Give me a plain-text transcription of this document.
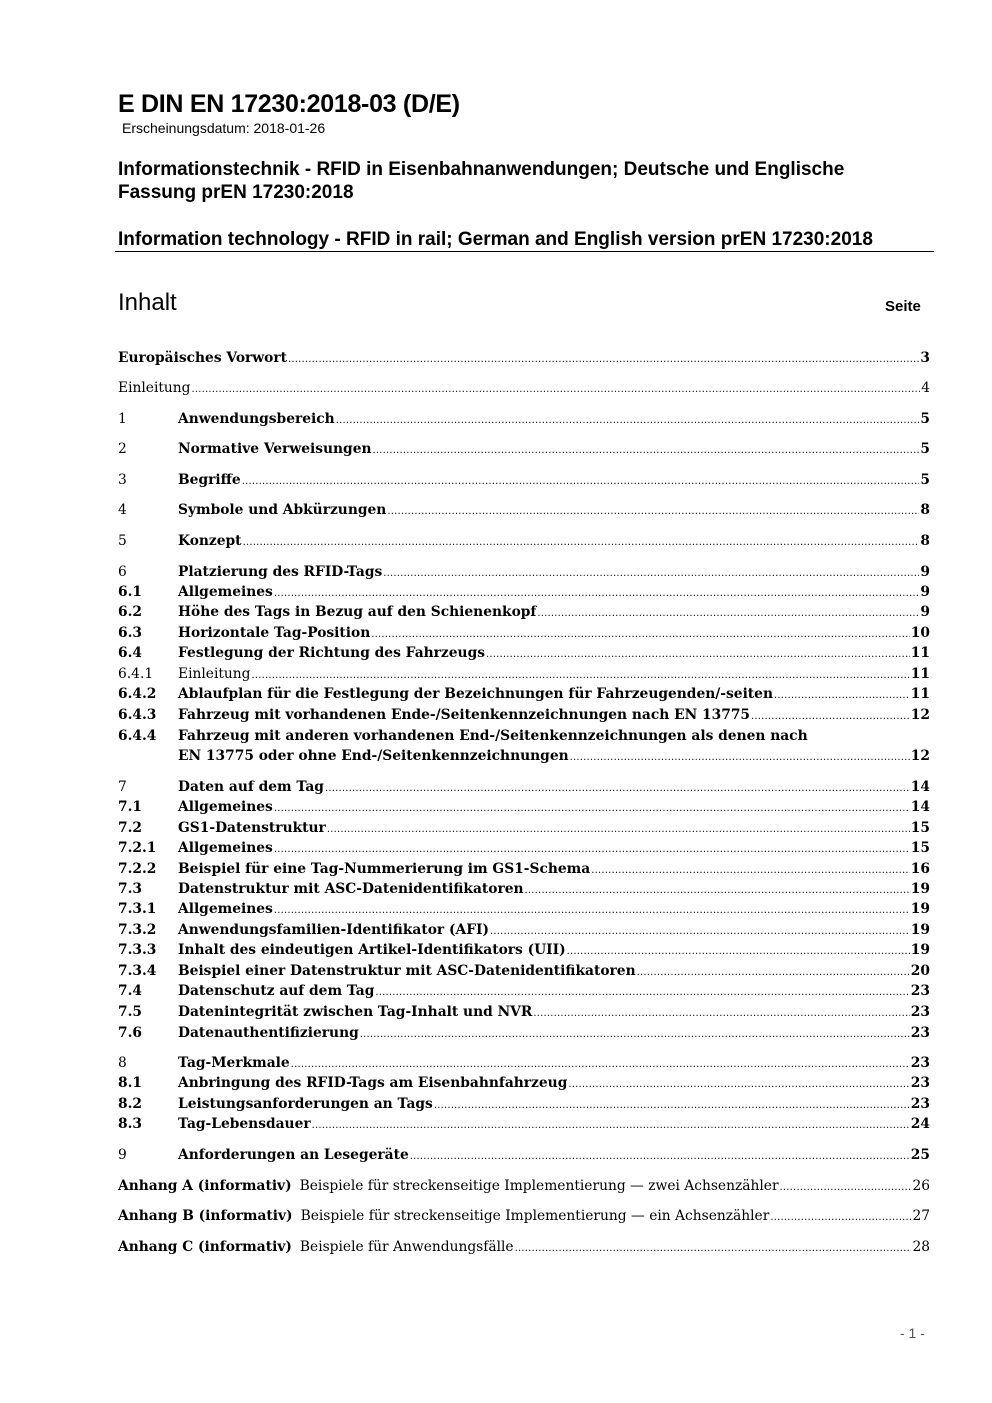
E DIN EN 17230:2018-03 (D/E)
Erscheinungsdatum: 2018-01-26
Informationstechnik - RFID in Eisenbahnanwendungen; Deutsche und Englische
Fassung prEN 17230:2018
Information technology - RFID in rail; German and English version prEN 17230:2018
Inhalt	Seite
Europäisches Vorwort .....	3
Einleitung .....	4
1	Anwendungsbereich .....	5
2	Normative Verweisungen .....	5
3	Begriffe .....	5
4	Symbole und Abkürzungen .....	8
5	Konzept .....	8
6	Platzierung des RFID-Tags .....	9
6.1	Allgemeines .....	9
6.2	Höhe des Tags in Bezug auf den Schienenkopf .....	9
6.3	Horizontale Tag-Position .....	10
6.4	Festlegung der Richtung des Fahrzeugs .....	11
6.4.1	Einleitung .....	11
6.4.2	Ablaufplan für die Festlegung der Bezeichnungen für Fahrzeugenden/-seiten .....	11
6.4.3	Fahrzeug mit vorhandenen Ende-/Seitenkennzeichnungen nach EN 13775 .....	12
6.4.4	Fahrzeug mit anderen vorhandenen End-/Seitenkennzeichnungen als denen nach
EN 13775 oder ohne End-/Seitenkennzeichnungen .....	12
7	Daten auf dem Tag .....	14
7.1	Allgemeines .....	14
7.2	GS1-Datenstruktur .....	15
7.2.1	Allgemeines .....	15
7.2.2	Beispiel für eine Tag-Nummerierung im GS1-Schema .....	16
7.3	Datenstruktur mit ASC-Datenidentifikatoren .....	19
7.3.1	Allgemeines .....	19
7.3.2	Anwendungsfamilien-Identifikator (AFI) .....	19
7.3.3	Inhalt des eindeutigen Artikel-Identifikators (UII) .....	19
7.3.4	Beispiel einer Datenstruktur mit ASC-Datenidentifikatoren .....	20
7.4	Datenschutz auf dem Tag .....	23
7.5	Datenintegrität zwischen Tag-Inhalt und NVR .....	23
7.6	Datenauthentifizierung .....	23
8	Tag-Merkmale .....	23
8.1	Anbringung des RFID-Tags am Eisenbahnfahrzeug .....	23
8.2	Leistungsanforderungen an Tags .....	23
8.3	Tag-Lebensdauer .....	24
9	Anforderungen an Lesegeräte .....	25
Anhang A (informativ) Beispiele für streckenseitige Implementierung — zwei Achsenzähler .....	26
Anhang B (informativ) Beispiele für streckenseitige Implementierung — ein Achsenzähler .....	27
Anhang C (informativ) Beispiele für Anwendungsfälle .....	28
- 1 -
